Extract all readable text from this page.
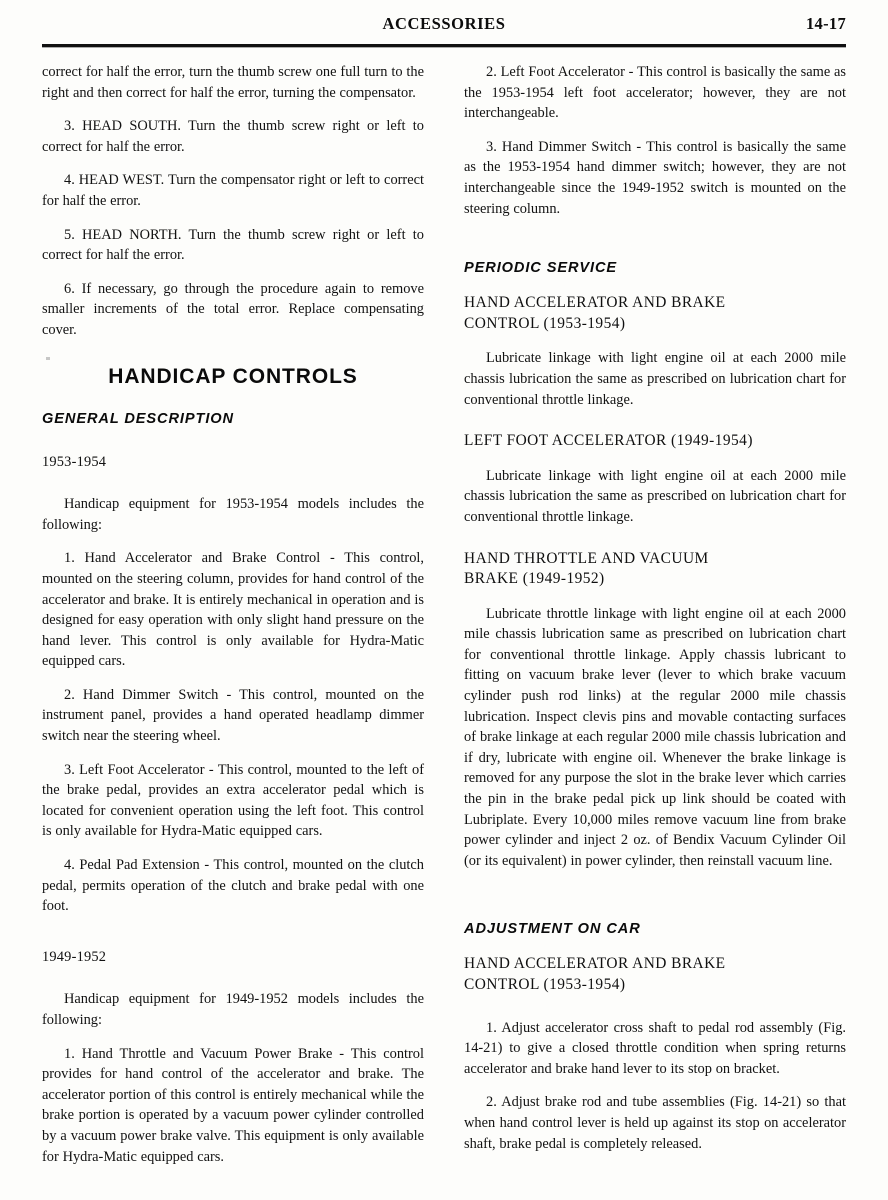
ACCESSORIES	14-17

correct for half the error, turn the thumb screw one full turn to the right and then correct for half the error, turning the compensator.

3. HEAD SOUTH. Turn the thumb screw right or left to correct for half the error.

4. HEAD WEST. Turn the compensator right or left to correct for half the error.

5. HEAD NORTH. Turn the thumb screw right or left to correct for half the error.

6. If necessary, go through the procedure again to remove smaller increments of the total error. Replace compensating cover.

HANDICAP CONTROLS
GENERAL DESCRIPTION

1953-1954

Handicap equipment for 1953-1954 models includes the following:

1. Hand Accelerator and Brake Control - This control, mounted on the steering column, provides for hand control of the accelerator and brake. It is entirely mechanical in operation and is designed for easy operation with only slight hand pressure on the hand lever. This control is only available for Hydra-Matic equipped cars.

2. Hand Dimmer Switch - This control, mounted on the instrument panel, provides a hand operated headlamp dimmer switch near the steering wheel.

3. Left Foot Accelerator - This control, mounted to the left of the brake pedal, provides an extra accelerator pedal which is located for convenient operation using the left foot. This control is only available for Hydra-Matic equipped cars.

4. Pedal Pad Extension - This control, mounted on the clutch pedal, permits operation of the clutch and brake pedal with one foot.

1949-1952

Handicap equipment for 1949-1952 models includes the following:

1. Hand Throttle and Vacuum Power Brake - This control provides for hand control of the accelerator and brake. The accelerator portion of this control is entirely mechanical while the brake portion is operated by a vacuum power cylinder controlled by a vacuum power brake valve. This equipment is only available for Hydra-Matic equipped cars.

2. Left Foot Accelerator - This control is basically the same as the 1953-1954 left foot accelerator; however, they are not interchangeable.

3. Hand Dimmer Switch - This control is basically the same as the 1953-1954 hand dimmer switch; however, they are not interchangeable since the 1949-1952 switch is mounted on the steering column.

PERIODIC SERVICE
HAND ACCELERATOR AND BRAKE
CONTROL (1953-1954)

Lubricate linkage with light engine oil at each 2000 mile chassis lubrication the same as prescribed on lubrication chart for conventional throttle linkage.

LEFT FOOT ACCELERATOR (1949-1954)

Lubricate linkage with light engine oil at each 2000 mile chassis lubrication the same as prescribed on lubrication chart for conventional throttle linkage.

HAND THROTTLE AND VACUUM
BRAKE (1949-1952)

Lubricate throttle linkage with light engine oil at each 2000 mile chassis lubrication same as prescribed on lubrication chart for conventional throttle linkage. Apply chassis lubricant to fitting on vacuum brake lever (lever to which brake vacuum cylinder push rod links) at the regular 2000 mile chassis lubrication. Inspect clevis pins and movable contacting surfaces of brake linkage at each regular 2000 mile chassis lubrication and if dry, lubricate with engine oil. Whenever the brake linkage is removed for any purpose the slot in the brake lever which carries the pin in the brake pedal pick up link should be coated with Lubriplate. Every 10,000 miles remove vacuum line from brake power cylinder and inject 2 oz. of Bendix Vacuum Cylinder Oil (or its equivalent) in power cylinder, then reinstall vacuum line.

ADJUSTMENT ON CAR
HAND ACCELERATOR AND BRAKE
CONTROL (1953-1954)

1. Adjust accelerator cross shaft to pedal rod assembly (Fig. 14-21) to give a closed throttle condition when spring returns accelerator and brake hand lever to its stop on bracket.

2. Adjust brake rod and tube assemblies (Fig. 14-21) so that when hand control lever is held up against its stop on accelerator shaft, brake pedal is completely released.
